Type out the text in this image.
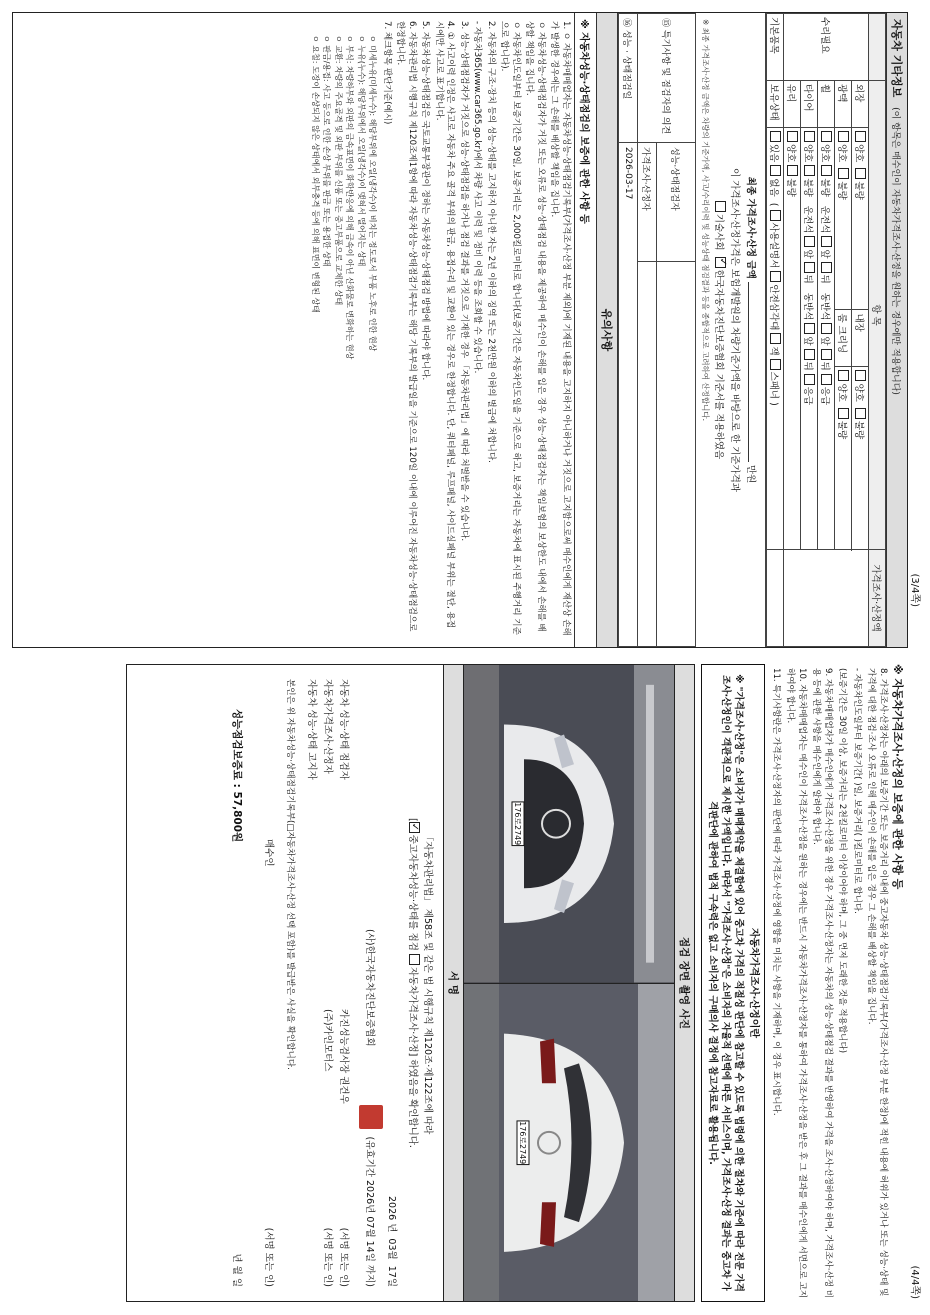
(3/4쪽)
(4/4쪽)
자동차 기타정보 (이 항목은 매수인이 자동차가격조사·산정을 원하는 경우에만 적용합니다)
	항 목				가격조사·산정액
수리필요	외장	양호  불량	내장	양호  불량	
	광택	양호  불량	룸 크리닝	양호  불량	
	휠	양호 불량   운전석 앞 뒤   동반석 앞 뒤 응급			
	타이어	양호 불량   운전석 앞 뒤   동반석 앞 뒤 응급			
	유리	양호 불량			
기본품목	보유상태	있음 없음  ( 사용설명서 안전삼각대 잭 스패너 )			
최종 가격조사·산정 금액  만원
이 가격조사·산정가격은 보험개발원의 차량기준가액을 바탕으로 한 기준가격과
기술사회  ✓한국자동차진단보증협회 기준서를 적용하였음
※ 최종 가격조사·산정 금액은 차량의 기준가액, 사고/수리이력 및 성능상태 점검결과 등을 종합적으로 고려하여 산정합니다.
⑮ 특기사항 및 점검자의 의견	성능·상태점검자	
	가격조사·산정자	
⑯ 성능 · 상태점검일	2026-03-17	
유의사항
※ 자동차성능·상태점검의 보증에 관한 사항 등

1. ㅇ 자동차매매업자는 자동차성능·상태점검기록부(가격조사·산정 부분 제외)에 기재된 내용을 고지하지 아니하거나 거짓으로 고지함으로써 매수인에게 재산상 손해가 발생한 경우에는 그 손해를 배상할 책임을 집니다.

ㅇ 자동차성능·상태점검자가 거짓 또는 오류로 성능·상태점검 내용을 제공하여 매수인이 손해를 입은 경우 성능·상태점검자는 책임보험의 보상한도 내에서 손해를 배상할 책임을 집니다.

ㅇ 자동차인도일부터 보증기간은 30일, 보증거리는 2,000킬로미터로 합니다(보증기간은 자동차인도일을 기준으로 하고, 보증거리는 자동차에 표시된 주행거리 기준으로 합니다).

2. 자동차의 구조·장치 등의 성능·상태를 고지하지 아니한 자는 2년 이하의 징역 또는 2천만원 이하의 벌금에 처합니다.

- 자동차365(www.car365.go.kr)에서 차량 사고 이력 및 정비 이력 등을 조회할 수 있습니다.

3. 성능·상태점검자가 거짓으로 성능·상태점검을 하거나 점검 결과를 거짓으로 기재한 경우 「자동차관리법」에 따라 처벌받을 수 있습니다.

4. ① 사고이력 인정은 사고로 자동차 주요 골격 부위의 판금, 용접수리 및 교환이 있는 경우로 한정합니다. 단, 쿼터패널, 루프패널, 사이드실패널 부위는 절단, 용접 시에만 사고로 표기합니다.

5. 자동차성능·상태점검은 국토교통부장관이 정하는 자동차성능·상태점검 방법에 따라야 합니다.

6. 자동차관리법 시행규칙 제120조제1항에 따라 자동차성능·상태점검기록부는 해당 기록부의 발급일을 기준으로 120일 이내에 이루어진 자동차성능·상태점검으로 한정합니다.

7. 체크항목 판단기준(예시)

ㅇ 미세누유(미세누수): 해당부위에 오일(냉각수)이 비치는 정도로서 부품 노후로 인한 현상
ㅇ 누유(누수): 해당부위에서 오일(냉각수)이 맺혀서 떨어지는 상태
ㅇ 부식: 차량하부와 외판의 금속표면이 화학반응에 의해 금속이 아닌 산화물로 변화하는 현상
ㅇ 교환: 차량의 주요골격 및 외판 부위를 신품 또는 중고부품으로 교체한 상태
ㅇ 판금/용접: 사고 등으로 인한 손상 부위를 판금 또는 용접한 상태
ㅇ 요철: 도장이 손상되지 않은 상태에서 외부충격 등에 의해 표면이 변형된 상태
※ 자동차가격조사·산정의 보증에 관한 사항 등

8. 가격조사·산정자는 아래의 보증기간 또는 보증거리 이내에 중고자동차 성능·상태점검기록부(가격조사·산정 부분 한정)에 적힌 내용에 허위가 있거나 또는 성능·상태 및 가격에 대한 점검·조사 오류로 인해 매수인이 손해를 입은 경우 그 손해를 배상할 책임을 집니다.

- 자동차인도일부터 보증기간( )일, 보증거리( )킬로미터로 합니다.

(보증기간은 30일 이상, 보증거리는 2천킬로미터 이상이어야 하며, 그 중 먼저 도래한 것을 적용합니다)

9. 자동차매매업자가 매수인에게 가격조사·산정을 위한 경우 가격조사·산정자는 자동차의 성능·상태점검 결과를 반영하여 가격을 조사·산정하여야 하며, 가격조사·산정 비용 등에 관한 사항을 매수인에게 알려야 합니다.

10. 자동차매매업자는 매수인이 가격조사·산정을 원하는 경우에는 반드시 자동차가격조사·산정자를 통하여 가격조사·산정을 받은 후 그 결과를 매수인에게 서면으로 고지하여야 합니다.

11. 특기사항란은 가격조사·산정자의 판단에 따라 가격조사·산정에 영향을 미치는 사항을 기재하며, 이 경우 표시합니다.

자동차가격조사·산정이란
※ "가격조사·산정"은 소비자가 매매계약을 체결함에 있어 중고차 가격의 적절성 판단에 참고할 수 있도록 법령에 의한 절차와 기준에 따라 전문 가격조사·산정인이 객관적으로 제시한 가액입니다. 따라서 "가격조사·산정"은 소비자의 자율적 선택에 따른 서비스이며, 가격조사·산정 결과는 중고차 가격판단에 관하여 법적 구속력은 없고 소비자의 구매의사 결정에 참고자료로 활용됩니다.
점검 장면 촬영 사진
176로2749
176로2749
서 명
「자동차관리법」 제58조 및 같은 법 시행규칙 제120조·제122조에 따라
[✓중고자동차성능·상태를 점검 자동차가격조사·산정] 하였음을 확인합니다.
2026 년  03월  17일
(사)한국자동차진단보증협회
(유효기간 2026년 07월 14일 까지)
자동차 성능·상태 점검자
카진성능검사장 권건우
(서명 또는 인)
자동차가격조사·산정자
(주)카인모터스
(서명 또는 인)
자동차 성능·상태 고지자
본인은 위 자동차성능·상태점검기록부(□자동차가격조사·산정 선택 포함)를 발급받은 사실을 확인합니다.
매수인
(서명 또는 인)
성능점검보증료 : 57,800원
년 월 일
